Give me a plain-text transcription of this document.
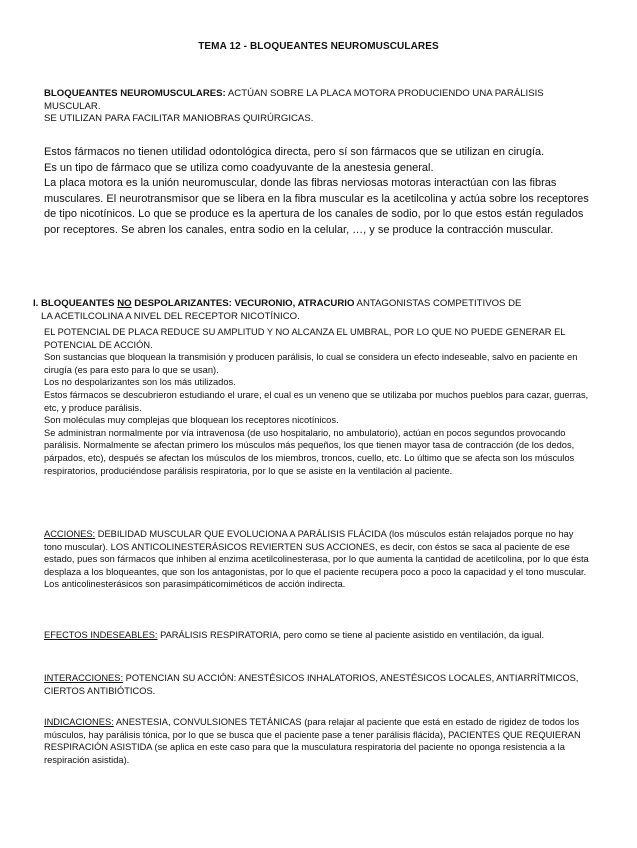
TEMA 12 - BLOQUEANTES NEUROMUSCULARES
BLOQUEANTES NEUROMUSCULARES: ACTÚAN SOBRE LA PLACA MOTORA PRODUCIENDO UNA PARÁLISIS MUSCULAR.
SE UTILIZAN PARA FACILITAR MANIOBRAS QUIRÚRGICAS.

Estos fármacos no tienen utilidad odontológica directa, pero sí son fármacos que se utilizan en cirugía.

Es un tipo de fármaco que se utiliza como coadyuvante de la anestesia general.

La placa motora es la unión neuromuscular, donde las fibras nerviosas motoras interactúan con las fibras musculares. El neurotransmisor que se libera en la fibra muscular es la acetilcolina y actúa sobre los receptores de tipo nicotínicos. Lo que se produce es la apertura de los canales de sodio, por lo que estos están regulados por receptores. Se abren los canales, entra sodio en la celular, …, y se produce la contracción muscular.

I. BLOQUEANTES NO DESPOLARIZANTES: VECURONIO, ATRACURIO ANTAGONISTAS COMPETITIVOS DE
LA ACETILCOLINA A NIVEL DEL RECEPTOR NICOTÍNICO.

EL POTENCIAL DE PLACA REDUCE SU AMPLITUD Y NO ALCANZA EL UMBRAL, POR LO QUE NO PUEDE GENERAR EL POTENCIAL DE ACCIÓN.

Son sustancias que bloquean la transmisión y producen parálisis, lo cual se considera un efecto indeseable, salvo en paciente en cirugía (es para esto para lo que se usan).

Los no despolarizantes son los más utilizados.

Estos fármacos se descubrieron estudiando el urare, el cual es un veneno que se utilizaba por muchos pueblos para cazar, guerras, etc, y produce parálisis.

Son moléculas muy complejas que bloquean los receptores nicotínicos.

Se administran normalmente por vía intravenosa (de uso hospitalario, no ambulatorio), actúan en pocos segundos provocando parálisis. Normalmente se afectan primero los músculos más pequeños, los que tienen mayor tasa de contracción (de los dedos, párpados, etc), después se afectan los músculos de los miembros, troncos, cuello, etc. Lo último que se afecta son los músculos respiratorios, produciéndose parálisis respiratoria, por lo que se asiste en la ventilación al paciente.

ACCIONES: DEBILIDAD MUSCULAR QUE EVOLUCIONA A PARÁLISIS FLÁCIDA (los músculos están relajados porque no hay tono muscular). LOS ANTICOLINESTERÁSICOS REVIERTEN SUS ACCIONES, es decir, con éstos se saca al paciente de ese estado, pues son fármacos que inhiben al enzima acetilcolinesterasa, por lo que aumenta la cantidad de acetilcolina, por lo que ésta desplaza a los bloqueantes, que son los antagonistas, por lo que el paciente recupera poco a poco la capacidad y el tono muscular. Los anticolinesterásicos son parasimpáticomiméticos de acción indirecta.

EFECTOS INDESEABLES: PARÁLISIS RESPIRATORIA, pero como se tiene al paciente asistido en ventilación, da igual.

INTERACCIONES: POTENCIAN SU ACCIÓN: ANESTÉSICOS INHALATORIOS, ANESTÉSICOS LOCALES, ANTIARRÍTMICOS, CIERTOS ANTIBIÓTICOS.

INDICACIONES: ANESTESIA, CONVULSIONES TETÁNICAS (para relajar al paciente que está en estado de rigidez de todos los músculos, hay parálisis tónica, por lo que se busca que el paciente pase a tener parálisis flácida), PACIENTES QUE REQUIERAN RESPIRACIÓN ASISTIDA (se aplica en este caso para que la musculatura respiratoria del paciente no oponga resistencia a la respiración asistida).
